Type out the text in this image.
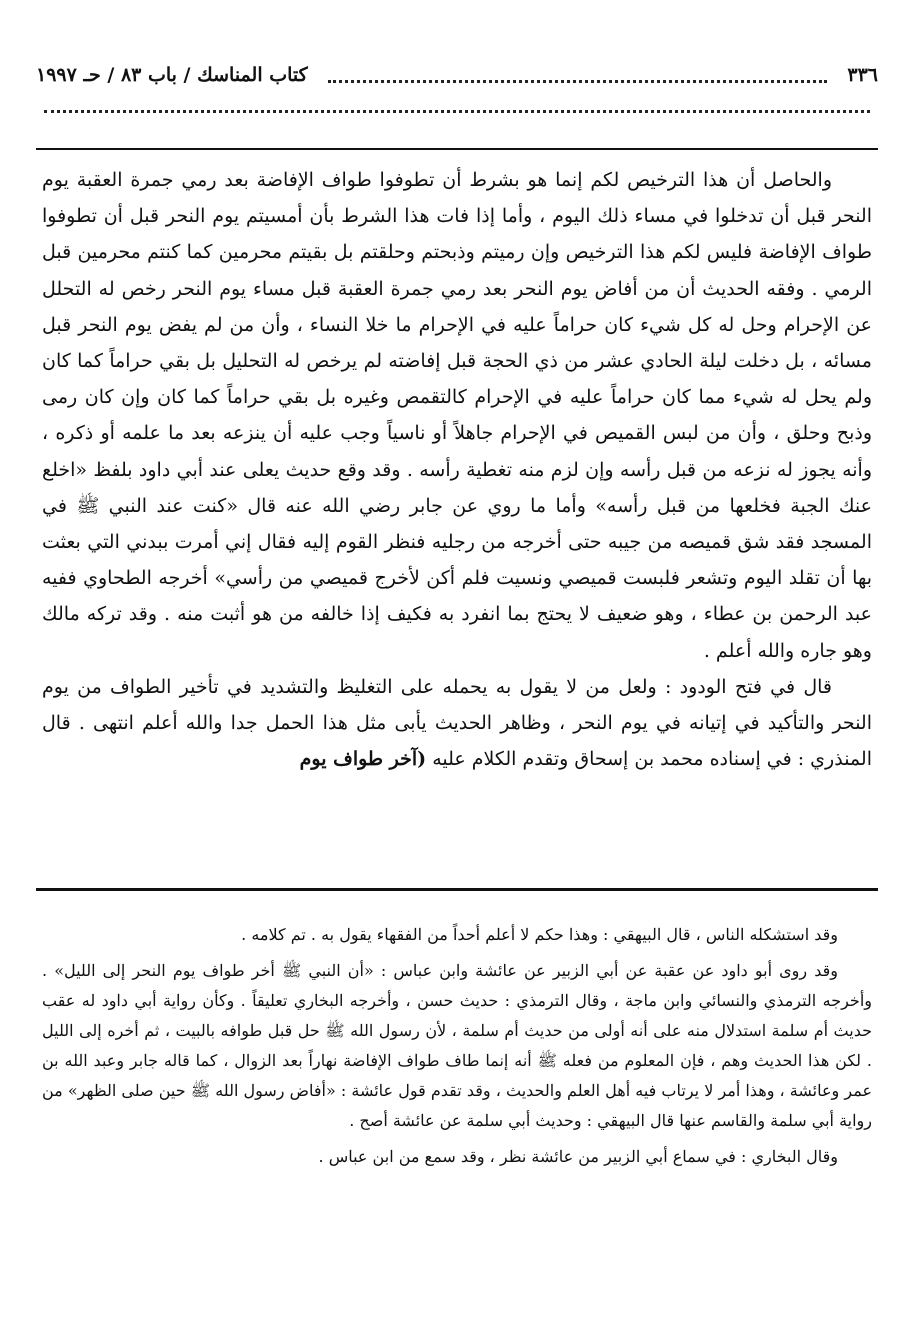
٣٣٦
كتاب المناسك / باب ٨٣ / حـ ١٩٩٧

والحاصل أن هذا الترخيص لكم إنما هو بشرط أن تطوفوا طواف الإفاضة بعد رمي جمرة العقبة يوم النحر قبل أن تدخلوا في مساء ذلك اليوم ، وأما إذا فات هذا الشرط بأن أمسيتم يوم النحر قبل أن تطوفوا طواف الإفاضة فليس لكم هذا الترخيص وإن رميتم وذبحتم وحلقتم بل بقيتم محرمين كما كنتم محرمين قبل الرمي . وفقه الحديث أن من أفاض يوم النحر بعد رمي جمرة العقبة قبل مساء يوم النحر رخص له التحلل عن الإحرام وحل له كل شيء كان حراماً عليه في الإحرام ما خلا النساء ، وأن من لم يفض يوم النحر قبل مسائه ، بل دخلت ليلة الحادي عشر من ذي الحجة قبل إفاضته لم يرخص له التحليل بل بقي حراماً كما كان ولم يحل له شيء مما كان حراماً عليه في الإحرام كالتقمص وغيره بل بقي حراماً كما كان وإن كان رمى وذبح وحلق ، وأن من لبس القميص في الإحرام جاهلاً أو ناسياً وجب عليه أن ينزعه بعد ما علمه أو ذكره ، وأنه يجوز له نزعه من قبل رأسه وإن لزم منه تغطية رأسه . وقد وقع حديث يعلى عند أبي داود بلفظ «اخلع عنك الجبة فخلعها من قبل رأسه» وأما ما روي عن جابر رضي الله عنه قال «كنت عند النبي ﷺ في المسجد فقد شق قميصه من جيبه حتى أخرجه من رجليه فنظر القوم إليه فقال إني أمرت ببدني التي بعثت بها أن تقلد اليوم وتشعر فلبست قميصي ونسيت فلم أكن لأخرج قميصي من رأسي» أخرجه الطحاوي ففيه عبد الرحمن بن عطاء ، وهو ضعيف لا يحتج بما انفرد به فكيف إذا خالفه من هو أثبت منه . وقد تركه مالك وهو جاره والله أعلم .

قال في فتح الودود : ولعل من لا يقول به يحمله على التغليظ والتشديد في تأخير الطواف من يوم النحر والتأكيد في إتيانه في يوم النحر ، وظاهر الحديث يأبى مثل هذا الحمل جدا والله أعلم انتهى . قال المنذري : في إسناده محمد بن إسحاق وتقدم الكلام عليه (آخر طواف يوم

وقد استشكله الناس ، قال البيهقي : وهذا حكم لا أعلم أحداً من الفقهاء يقول به . تم كلامه .

وقد روى أبو داود عن عقبة عن أبي الزبير عن عائشة وابن عباس : «أن النبي ﷺ أخر طواف يوم النحر إلى الليل» . وأخرجه الترمذي والنسائي وابن ماجة ، وقال الترمذي : حديث حسن ، وأخرجه البخاري تعليقاً . وكأن رواية أبي داود له عقب حديث أم سلمة استدلال منه على أنه أولى من حديث أم سلمة ، لأن رسول الله ﷺ حل قبل طوافه بالبيت ، ثم أخره إلى الليل . لكن هذا الحديث وهم ، فإن المعلوم من فعله ﷺ أنه إنما طاف طواف الإفاضة نهاراً بعد الزوال ، كما قاله جابر وعبد الله بن عمر وعائشة ، وهذا أمر لا يرتاب فيه أهل العلم والحديث ، وقد تقدم قول عائشة : «أفاض رسول الله ﷺ حين صلى الظهر» من رواية أبي سلمة والقاسم عنها قال البيهقي : وحديث أبي سلمة عن عائشة أصح .

وقال البخاري : في سماع أبي الزبير من عائشة نظر ، وقد سمع من ابن عباس .
